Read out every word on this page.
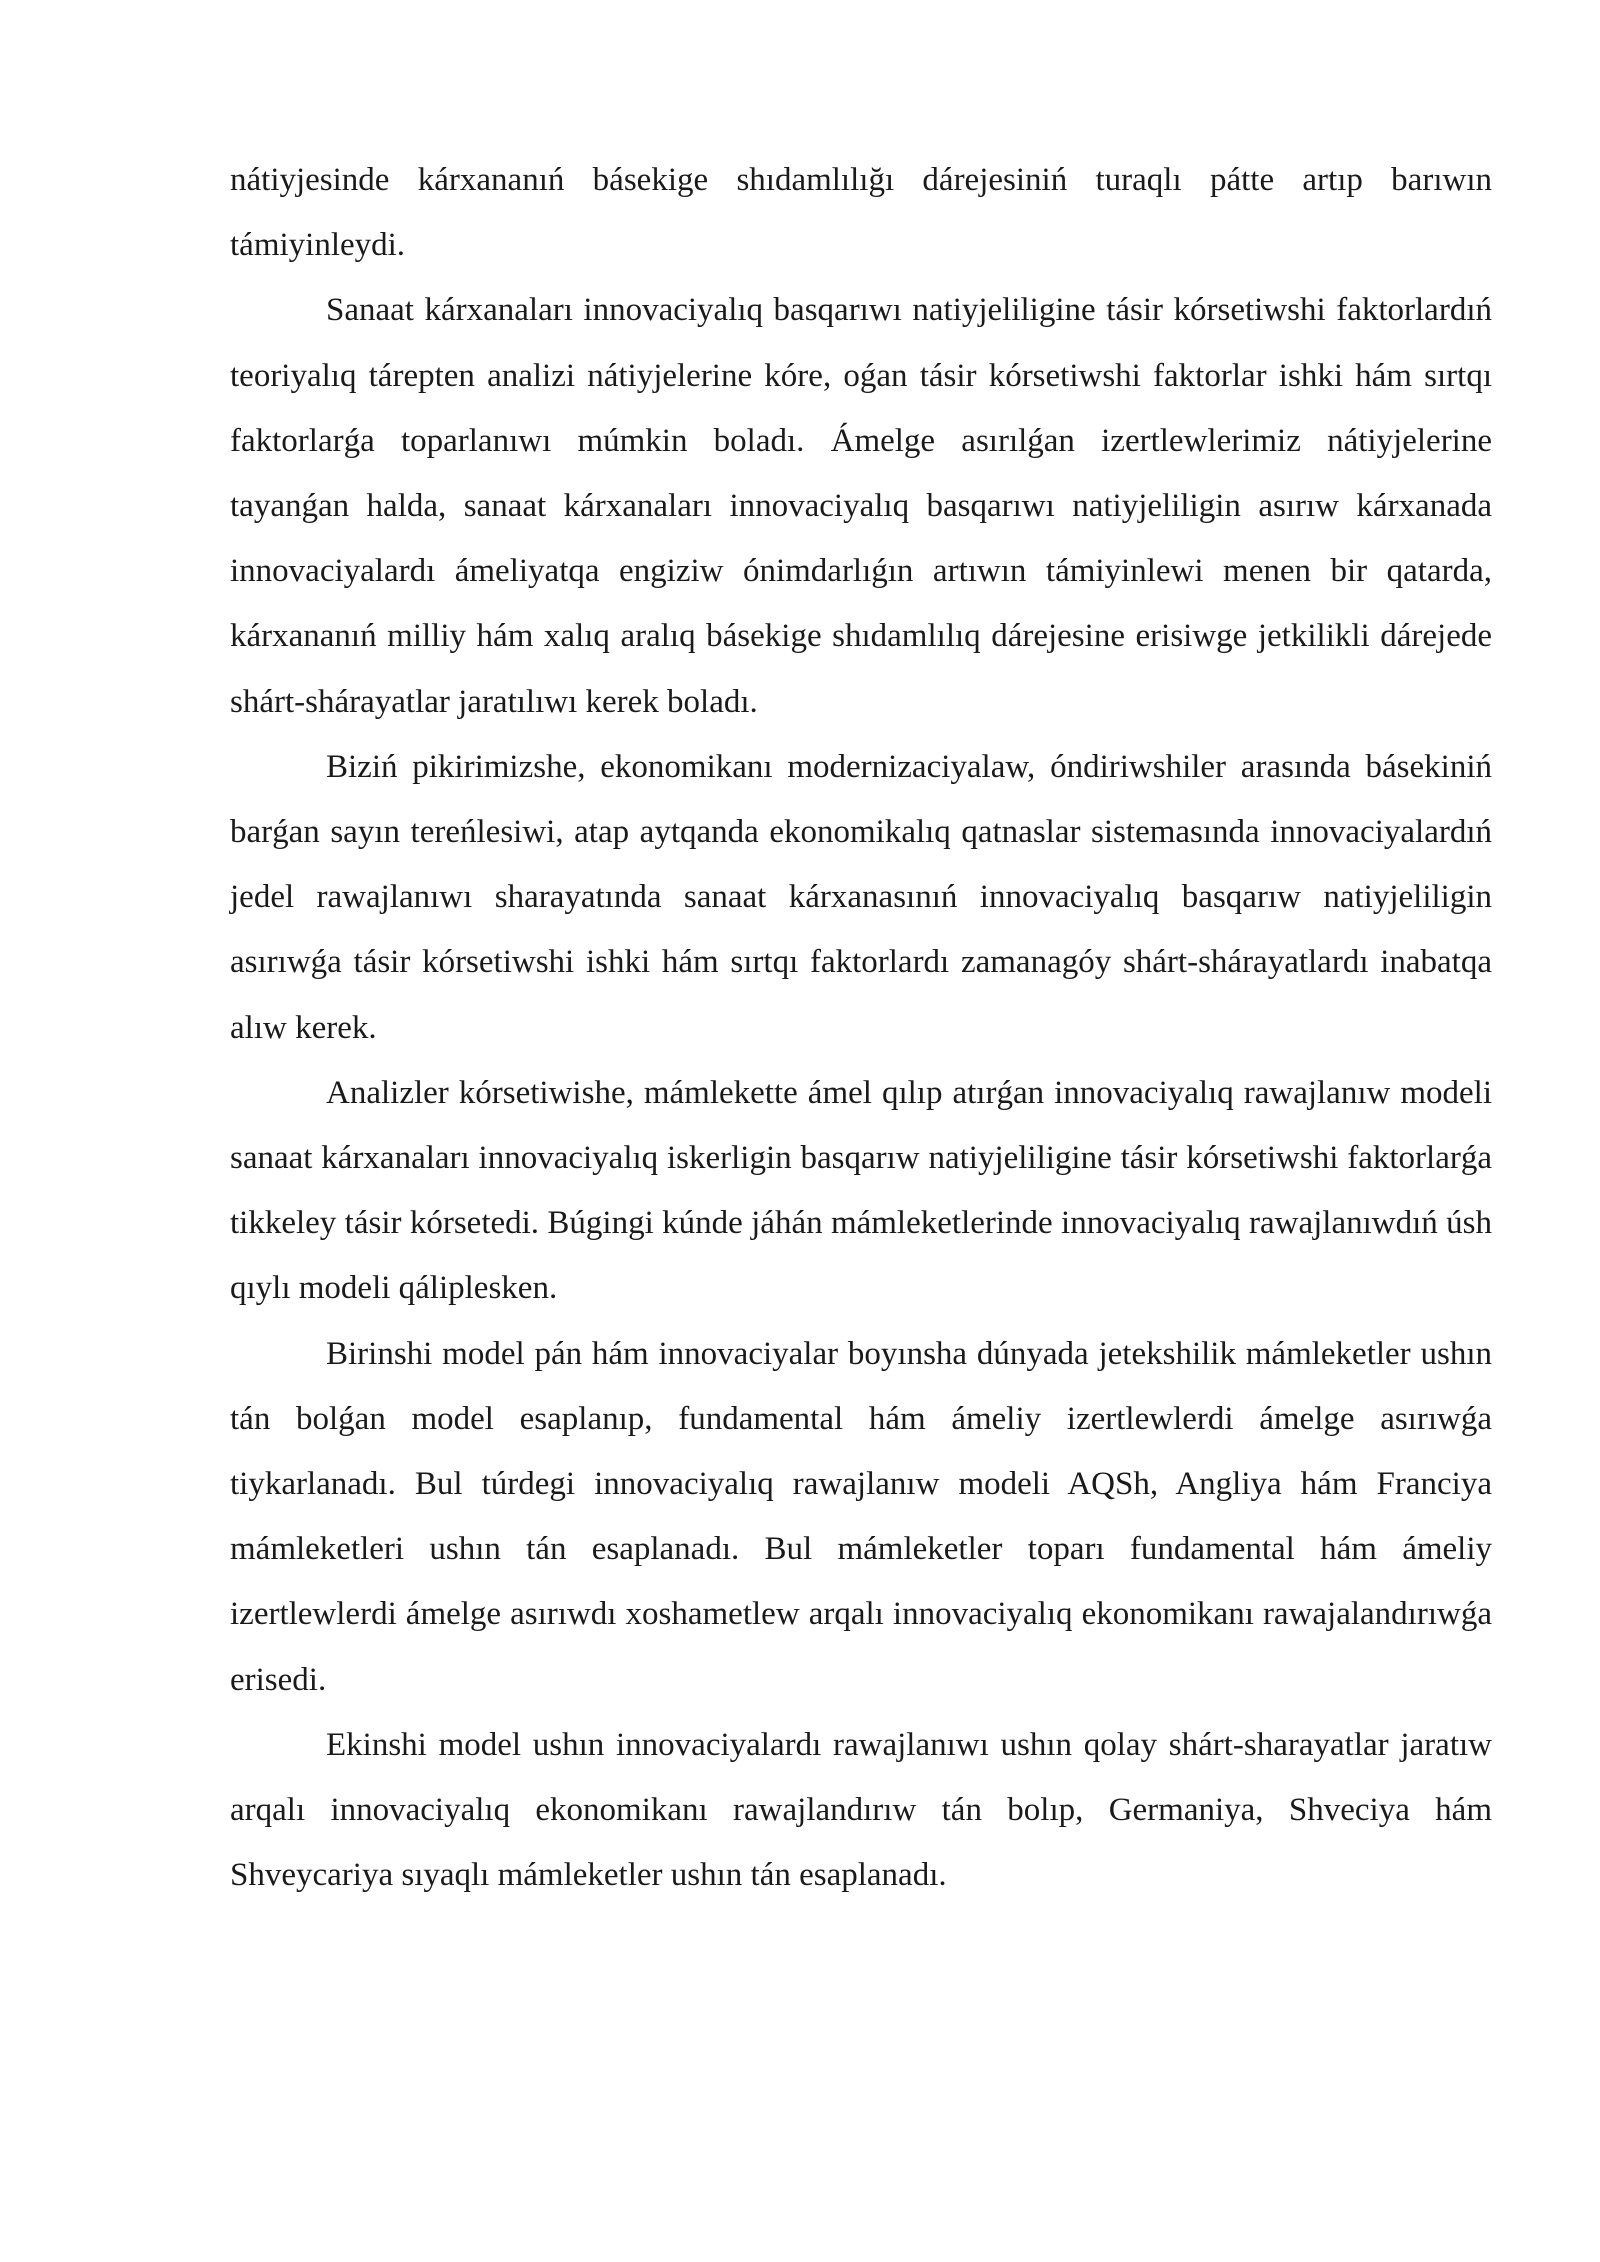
nátiyjesinde kárxananıń básekige shıdamlılığı dárejesiniń turaqlı pátte artıp barıwın támiyinleydi.

Sanaat kárxanaları innovaciyalıq basqarıwı natiyjeliligine tásir kórsetiwshi faktorlardıń teoriyalıq tárepten analizi nátiyjelerine kóre, oǵan tásir kórsetiwshi faktorlar ishki hám sırtqı faktorlarǵa toparlanıwı múmkin boladı. Ámelge asırılǵan izertlewlerimiz nátiyjelerine tayanǵan halda, sanaat kárxanaları innovaciyalıq basqarıwı natiyjeliligin asırıw kárxanada innovaciyalardı ámeliyatqa engiziw ónimdarlıǵın artıwın támiyinlewi menen bir qatarda, kárxananıń milliy hám xalıq aralıq básekige shıdamlılıq dárejesine erisiwge jetkilikli dárejede shárt-shárayatlar jaratılıwı kerek boladı.

Biziń pikirimizshe, ekonomikanı modernizaciyalaw, óndiriwshiler arasında básekiniń barǵan sayın tereńlesiwi, atap aytqanda ekonomikalıq qatnaslar sistemasında innovaciyalardıń jedel rawajlanıwı sharayatında sanaat kárxanasınıń innovaciyalıq basqarıw natiyjeliligin asırıwǵa tásir kórsetiwshi ishki hám sırtqı faktorlardı zamanagóy shárt-shárayatlardı inabatqa alıw kerek.

Analizler kórsetiwishe, mámlekette ámel qılıp atırǵan innovaciyalıq rawajlanıw modeli sanaat kárxanaları innovaciyalıq iskerligin basqarıw natiyjeliligine tásir kórsetiwshi faktorlarǵa tikkeley tásir kórsetedi. Búgingi kúnde jáhán mámleketlerinde innovaciyalıq rawajlanıwdıń úsh qıylı modeli qáliplesken.

Birinshi model pán hám innovaciyalar boyınsha dúnyada jetekshilik mámleketler ushın tán bolǵan model esaplanıp, fundamental hám ámeliy izertlewlerdi ámelge asırıwǵa tiykarlanadı. Bul túrdegi innovaciyalıq rawajlanıw modeli AQSh, Angliya hám Franciya mámleketleri ushın tán esaplanadı. Bul mámleketler toparı fundamental hám ámeliy izertlewlerdi ámelge asırıwdı xoshametlew arqalı innovaciyalıq ekonomikanı rawajalandırıwǵa erisedi.

Ekinshi model ushın innovaciyalardı rawajlanıwı ushın qolay shárt-sharayatlar jaratıw arqalı innovaciyalıq ekonomikanı rawajlandırıw tán bolıp, Germaniya, Shveciya hám Shveycariya sıyaqlı mámleketler ushın tán esaplanadı.
